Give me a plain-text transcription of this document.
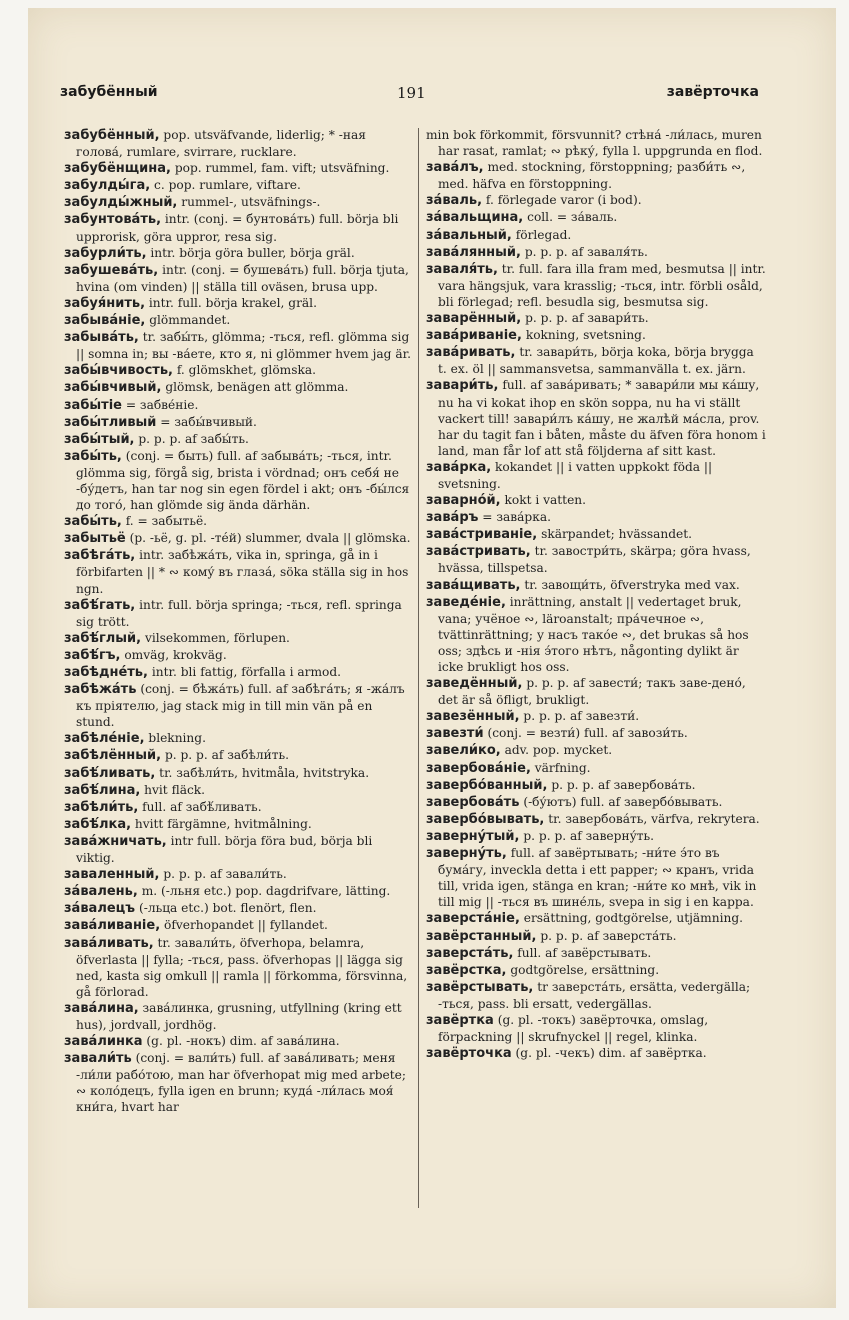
забубённый	191	завёрточка

забубённый, pop. utsväfvande, liderlig; * -ная голова́, rumlare, svirrare, rucklare.

забубёнщина, pop. rummel, fam. vift; utsväfning.

забулды́га, c. pop. rumlare, viftare.

забулды́жный, rummel-, utsväfnings-.

забунтова́ть, intr. (conj. = бунтова́ть) full. börja bli upprorisk, göra uppror, resa sig.

забурли́ть, intr. börja göra buller, börja gräl.

забушева́ть, intr. (conj. = бушева́ть) full. börja tjuta, hvina (om vinden) || ställa till oväsen, brusa upp.

забуя́нить, intr. full. börja krakel, gräl.

забыва́ніе, glömmandet.

забыва́ть, tr. забы́ть, glömma; -ться, refl. glömma sig || somna in; вы -ва́ете, кто я, ni glömmer hvem jag är.

забы́вчивость, f. glömskhet, glömska.

забы́вчивый, glömsk, benägen att glömma.

забы́тіе = забве́ніе.

забы́тливый = забы́вчивый.

забы́тый, p. p. p. af забы́ть.

забы́ть, (conj. = быть) full. af забыва́ть; -ться, intr. glömma sig, förgå sig, brista i vördnad; онъ себя́ не -бу́детъ, han tar nog sin egen fördel i akt; онъ -бы́лся до того́, han glömde sig ända därhän.

забы́ть, f. = забытьё.

забытьё (p. -ьё, g. pl. -тéй) slummer, dvala || glömska.

забѣга́ть, intr. забѣжа́ть, vika in, springa, gå in i förbifarten || * ∾ кому́ въ глаза́, söka ställa sig in hos ngn.

забѣ́гать, intr. full. börja springa; -ться, refl. springa sig trött.

забѣ́глый, vilsekommen, förlupen.

забѣ́гъ, omväg, krokväg.

забѣдне́ть, intr. bli fattig, förfalla i armod.

забѣжа́ть (conj. = бѣжа́ть) full. af забѣга́ть; я -жа́лъ къ пріятелю, jag stack mig in till min vän på en stund.

забѣле́ніе, blekning.

забѣлённый, p. p. p. af забѣли́ть.

забѣ́ливать, tr. забѣли́ть, hvitmåla, hvitstryka.

забѣ́лина, hvit fläck.

забѣли́ть, full. af забѣ́ливать.

забѣ́лка, hvitt färgämne, hvitmålning.

зава́жничать, intr full. börja föra bud, börja bli viktig.

заваленный, p. p. p. af завали́ть.

за́валень, m. (-льня etc.) pop. dagdrifvare, lätting.

за́валецъ (-льца etc.) bot. flenört, flen.

зава́ливаніе, öfverhopandet || fyllandet.

зава́ливать, tr. завали́ть, öfverhopa, belamra, öfverlasta || fylla; -ться, pass. öfverhopas || lägga sig ned, kasta sig omkull || ramla || förkomma, försvinna, gå förlorad.

зава́лина, зава́линка, grusning, utfyllning (kring ett hus), jordvall, jordhög.

зава́линка (g. pl. -нокъ) dim. af зава́лина.

завали́ть (conj. = вали́ть) full. af зава́ливать; меня -ли́ли рабо́тою, man har öfverhopat mig med arbete; ∾ коло́децъ, fylla igen en brunn; куда́ -ли́лась моя́ кни́га, hvart har

min bok förkommit, försvunnit? стѣна́ -ли́лась, muren har rasat, ramlat; ∾ рѣку́, fylla l. uppgrunda en flod.

зава́лъ, med. stockning, förstoppning; разби́ть ∾, med. häfva en förstoppning.

за́валь, f. förlegade varor (i bod).

за́вальщина, coll. = за́валь.

за́вальный, förlegad.

зава́лянный, p. p. p. af заваля́ть.

заваля́ть, tr. full. fara illa fram med, besmutsa || intr. vara hängsjuk, vara krasslig; -ться, intr. förbli osåld, bli förlegad; refl. besudla sig, besmutsa sig.

заварённый, p. p. p. af завари́ть.

зава́риваніе, kokning, svetsning.

зава́ривать, tr. завари́ть, börja koka, börja brygga t. ex. öl || sammansvetsa, sammanvälla t. ex. järn.

завари́ть, full. af зава́ривать; * завари́ли мы ка́шу, nu ha vi kokat ihop en skön soppa, nu ha vi ställt vackert till! завари́лъ ка́шу, не жалѣй ма́сла, prov. har du tagit fan i båten, måste du äfven föra honom i land, man får lof att stå följderna af sitt kast.

зава́рка, kokandet || i vatten uppkokt föda || svetsning.

заварно́й, kokt i vatten.

зава́ръ = зава́рка.

зава́стриваніе, skärpandet; hvässandet.

зава́стривать, tr. завостри́ть, skärpa; göra hvass, hvässa, tillspetsa.

зава́щивать, tr. завощи́ть, öfverstryka med vax.

заведе́ніе, inrättning, anstalt || vedertaget bruk, vana; учёное ∾, läroanstalt; пра́чечное ∾, tvättinrättning; у насъ тако́е ∾, det brukas så hos oss; здѣсь и -нія э́того нѣтъ, någonting dylikt är icke brukligt hos oss.

заведённый, p. p. p. af завести́; такъ заве-дено́, det är så öfligt, brukligt.

завезённый, p. p. p. af завезти́.

завезти́ (conj. = везти́) full. af завози́ть.

завели́ко, adv. pop. mycket.

завербова́ніе, värfning.

завербо́ванный, p. p. p. af завербова́ть.

завербова́ть (-бу́ютъ) full. af завербо́вывать.

завербо́вывать, tr. завербова́ть, värfva, rekrytera.

заверну́тый, p. p. p. af заверну́ть.

заверну́ть, full. af завёртывать; -ни́те э́то въ бума́гу, inveckla detta i ett papper; ∾ кранъ, vrida till, vrida igen, stänga en kran; -ни́те ко мнѣ, vik in till mig || -ться въ шине́ль, svepa in sig i en kappa.

заверста́ніе, ersättning, godtgörelse, utjämning.

завёрстанный, p. p. p. af заверста́ть.

заверста́ть, full. af завёрстывать.

завёрстка, godtgörelse, ersättning.

завёрстывать, tr заверста́ть, ersätta, vedergälla; -ться, pass. bli ersatt, vedergällas.

завёртка (g. pl. -токъ) завёрточка, omslag, förpackning || skrufnyckel || regel, klinka.

завёрточка (g. pl. -чекъ) dim. af завёртка.
